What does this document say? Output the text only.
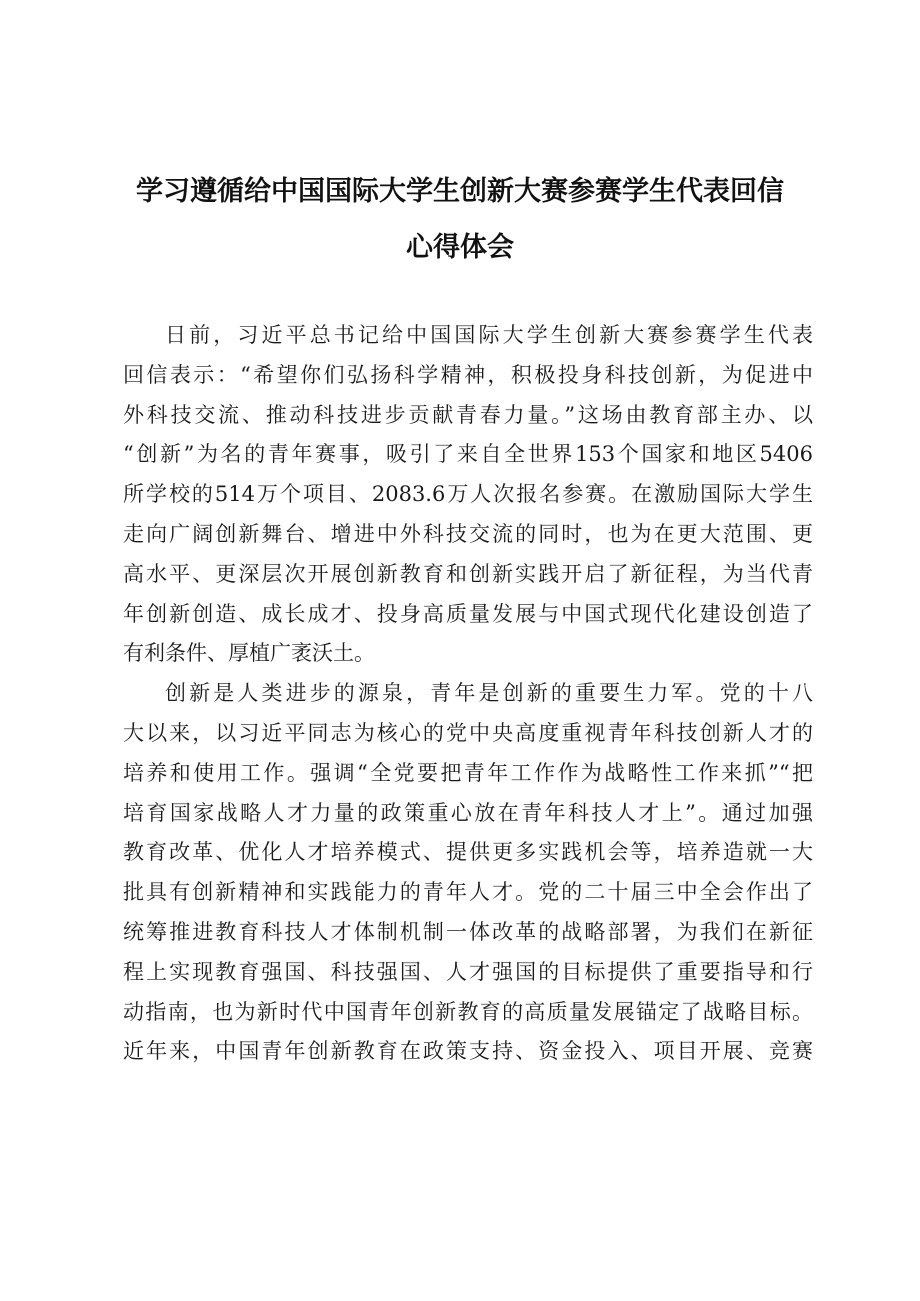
学习遵循给中国国际大学生创新大赛参赛学生代表回信
心得体会
日前，习近平总书记给中国国际大学生创新大赛参赛学生代表
回信表示：“希望你们弘扬科学精神，积极投身科技创新，为促进中
外科技交流、推动科技进步贡献青春力量。”这场由教育部主办、以
“创新”为名的青年赛事，吸引了来自全世界153个国家和地区5406
所学校的514万个项目、2083.6万人次报名参赛。在激励国际大学生
走向广阔创新舞台、增进中外科技交流的同时，也为在更大范围、更
高水平、更深层次开展创新教育和创新实践开启了新征程，为当代青
年创新创造、成长成才、投身高质量发展与中国式现代化建设创造了
有利条件、厚植广袤沃土。
创新是人类进步的源泉，青年是创新的重要生力军。党的十八
大以来，以习近平同志为核心的党中央高度重视青年科技创新人才的
培养和使用工作。强调“全党要把青年工作作为战略性工作来抓”“把
培育国家战略人才力量的政策重心放在青年科技人才上”。通过加强
教育改革、优化人才培养模式、提供更多实践机会等，培养造就一大
批具有创新精神和实践能力的青年人才。党的二十届三中全会作出了
统筹推进教育科技人才体制机制一体改革的战略部署，为我们在新征
程上实现教育强国、科技强国、人才强国的目标提供了重要指导和行
动指南，也为新时代中国青年创新教育的高质量发展锚定了战略目标。
近年来，中国青年创新教育在政策支持、资金投入、项目开展、竞赛
